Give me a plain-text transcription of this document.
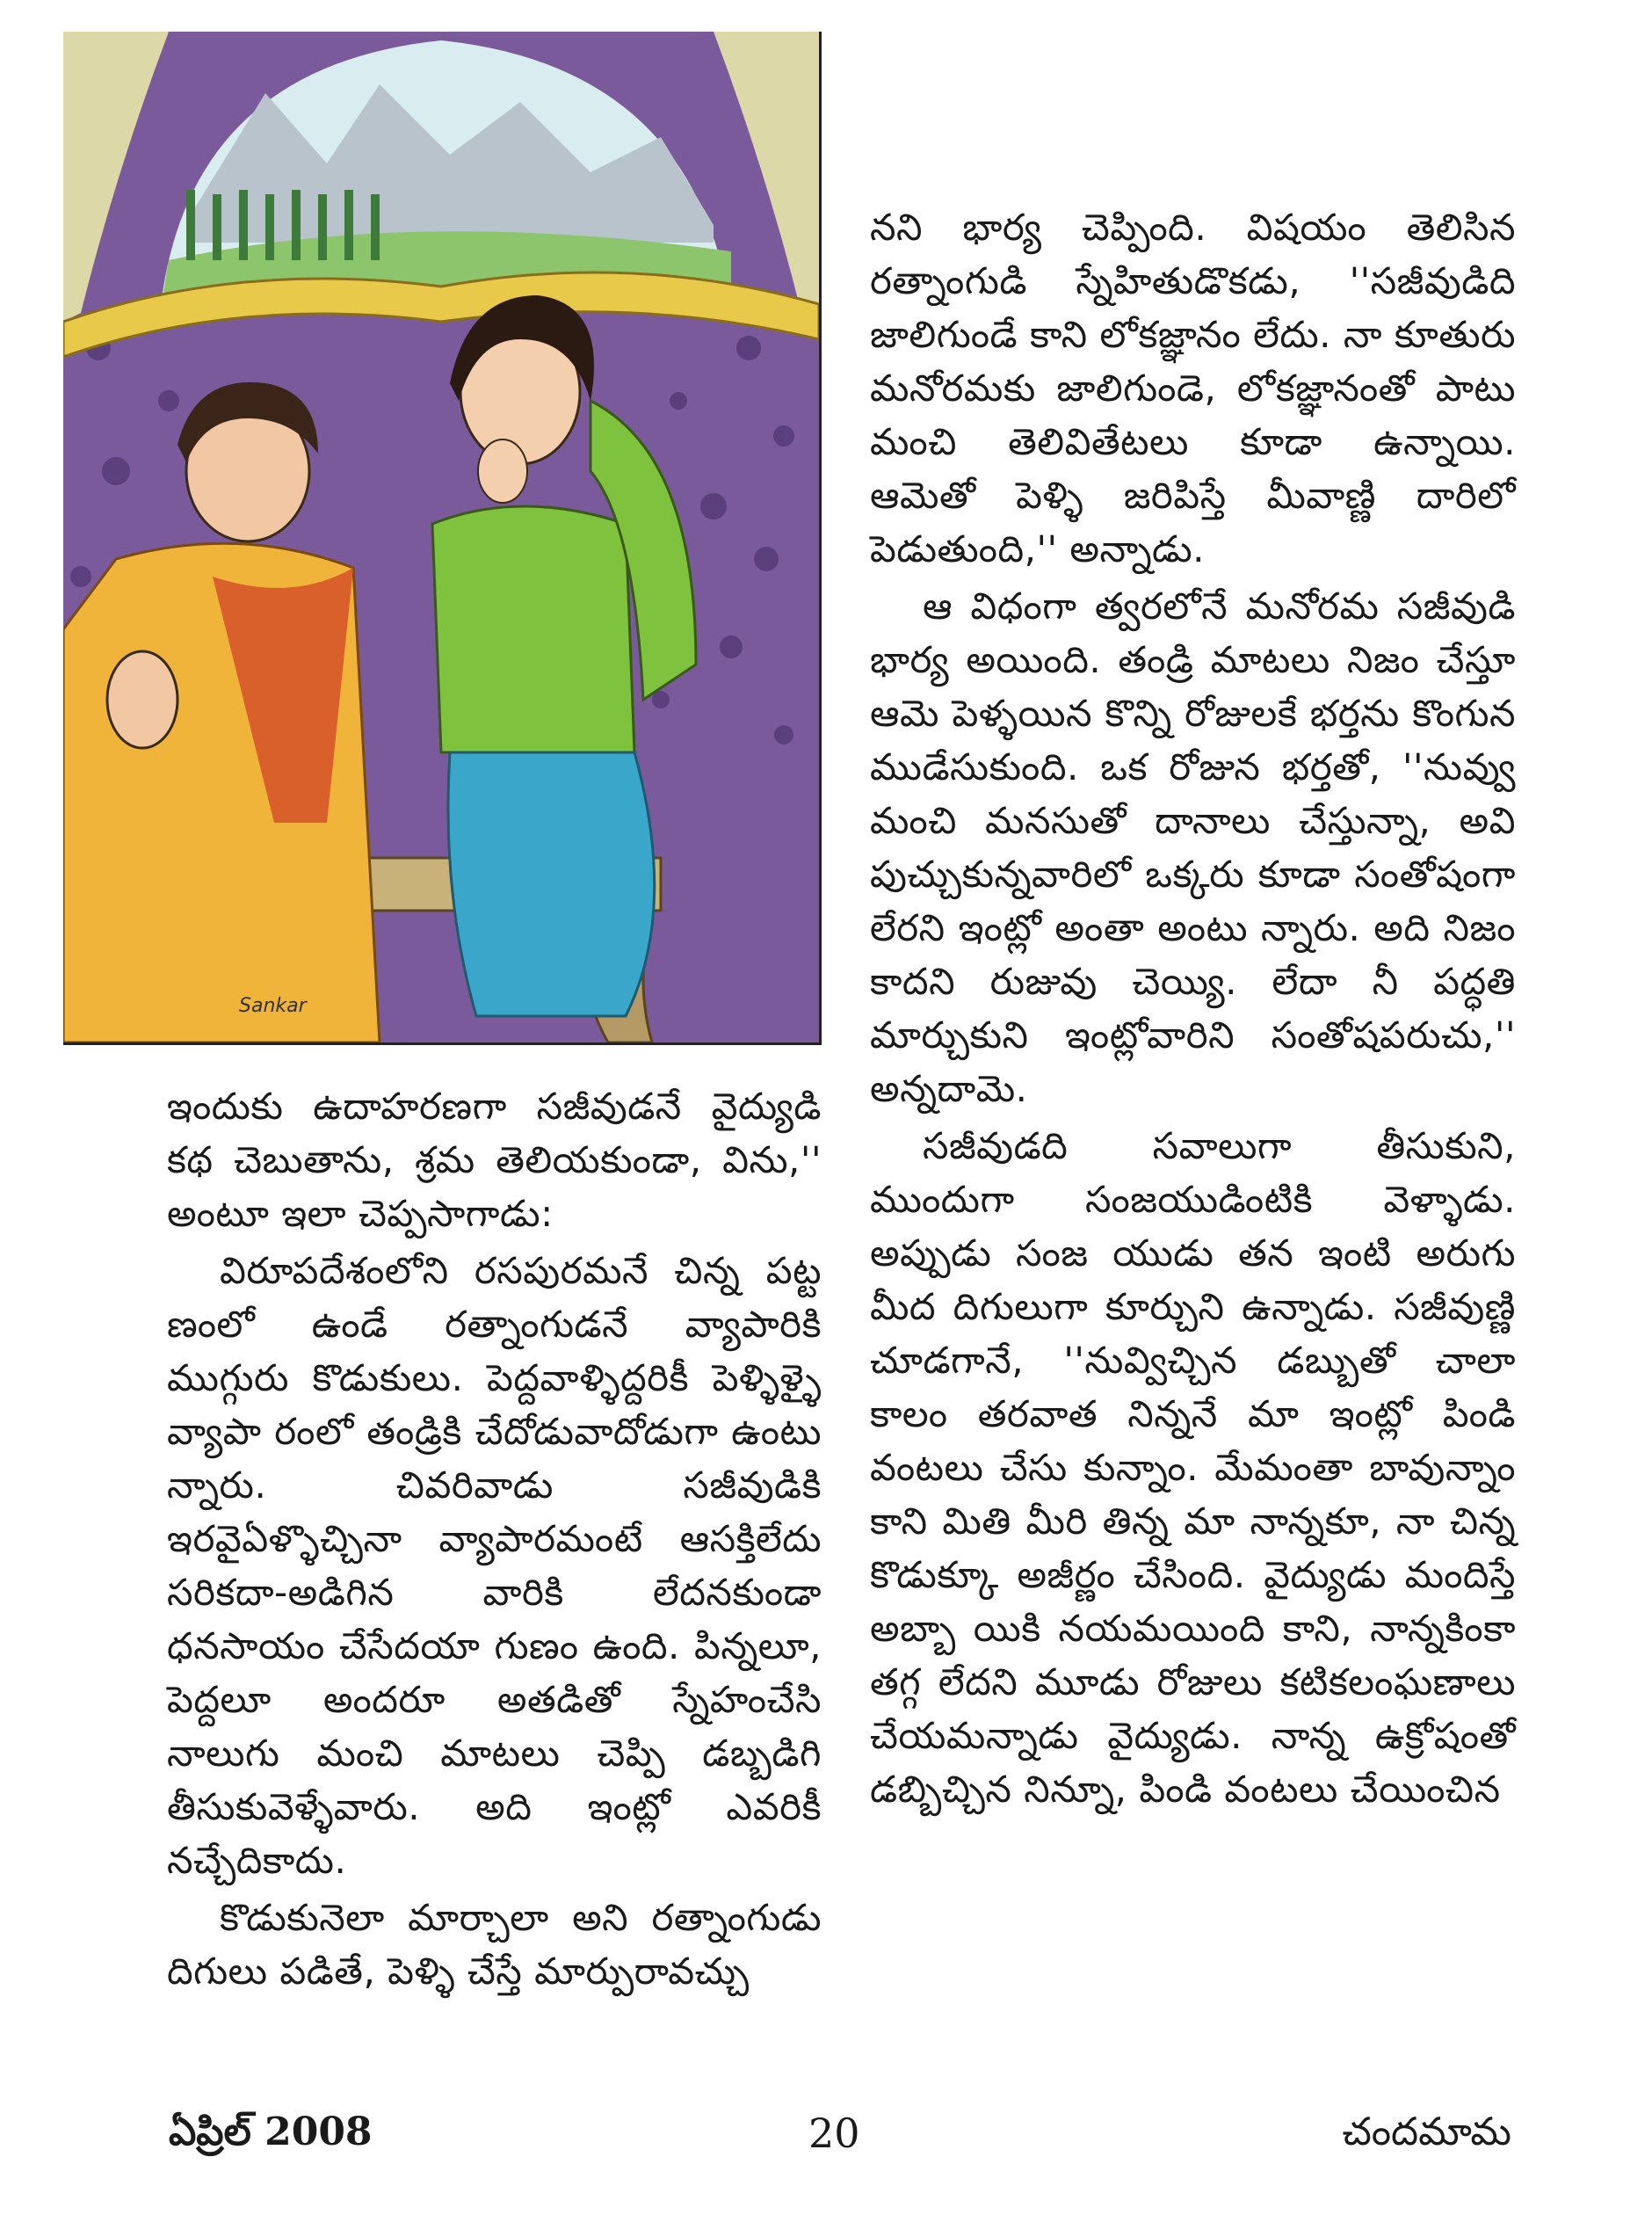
Sankar

నని భార్య చెప్పింది. విషయం తెలిసిన రత్నాంగుడి స్నేహితుడొకడు, ''సజీవుడిది జాలిగుండే కాని లోకజ్ఞానం లేదు. నా కూతురు మనోరమకు జాలిగుండె, లోకజ్ఞానంతో పాటు మంచి తెలివితేటలు కూడా ఉన్నాయి. ఆమెతో పెళ్ళి జరిపిస్తే మీవాణ్ణి దారిలో పెడుతుంది,'' అన్నాడు.

ఆ విధంగా త్వరలోనే మనోరమ సజీవుడి భార్య అయింది. తండ్రి మాటలు నిజం చేస్తూ ఆమె పెళ్ళయిన కొన్ని రోజులకే భర్తను కొంగున ముడేసుకుంది. ఒక రోజున భర్తతో, ''నువ్వు మంచి మనసుతో దానాలు చేస్తున్నా, అవి పుచ్చుకున్నవారిలో ఒక్కరు కూడా సంతోషంగా లేరని ఇంట్లో అంతా అంటు న్నారు. అది నిజం కాదని రుజువు చెయ్యి. లేదా నీ పద్ధతి మార్చుకుని ఇంట్లోవారిని సంతోషపరుచు,'' అన్నదామె.

సజీవుడది సవాలుగా తీసుకుని, ముందుగా సంజయుడింటికి వెళ్ళాడు. అప్పుడు సంజ యుడు తన ఇంటి అరుగు మీద దిగులుగా కూర్చుని ఉన్నాడు. సజీవుణ్ణి చూడగానే, ''నువ్విచ్చిన డబ్బుతో చాలా కాలం తరవాత నిన్ననే మా ఇంట్లో పిండి వంటలు చేసు కున్నాం. మేమంతా బావున్నాం కాని మితి మీరి తిన్న మా నాన్నకూ, నా చిన్న కొడుక్కూ అజీర్ణం చేసింది. వైద్యుడు మందిస్తే అబ్బా యికి నయమయింది కాని, నాన్నకింకా తగ్గ లేదని మూడు రోజులు కటికలంఘణాలు చేయమన్నాడు వైద్యుడు. నాన్న ఉక్రోషంతో డబ్బిచ్చిన నిన్నూ, పిండి వంటలు చేయించిన

ఇందుకు ఉదాహరణగా సజీవుడనే వైద్యుడి కథ చెబుతాను, శ్రమ తెలియకుండా, విను,'' అంటూ ఇలా చెప్పసాగాడు:

విరూపదేశంలోని రసపురమనే చిన్న పట్ట ణంలో ఉండే రత్నాంగుడనే వ్యాపారికి ముగ్గురు కొడుకులు. పెద్దవాళ్ళిద్దరికీ పెళ్ళిళ్ళై వ్యాపా రంలో తండ్రికి చేదోడువాదోడుగా ఉంటు న్నారు. చివరివాడు సజీవుడికి ఇరవైఏళ్ళొచ్చినా వ్యాపారమంటే ఆసక్తిలేదు సరికదా-అడిగిన వారికి లేదనకుండా ధనసాయం చేసేదయా గుణం ఉంది. పిన్నలూ, పెద్దలూ అందరూ అతడితో స్నేహంచేసి నాలుగు మంచి మాటలు చెప్పి డబ్బడిగి తీసుకువెళ్ళేవారు. అది ఇంట్లో ఎవరికీ నచ్చేదికాదు.

కొడుకునెలా మార్చాలా అని రత్నాంగుడు దిగులు పడితే, పెళ్ళి చేస్తే మార్పురావచ్చు

ఏప్రిల్ 2008	20	చందమామ
